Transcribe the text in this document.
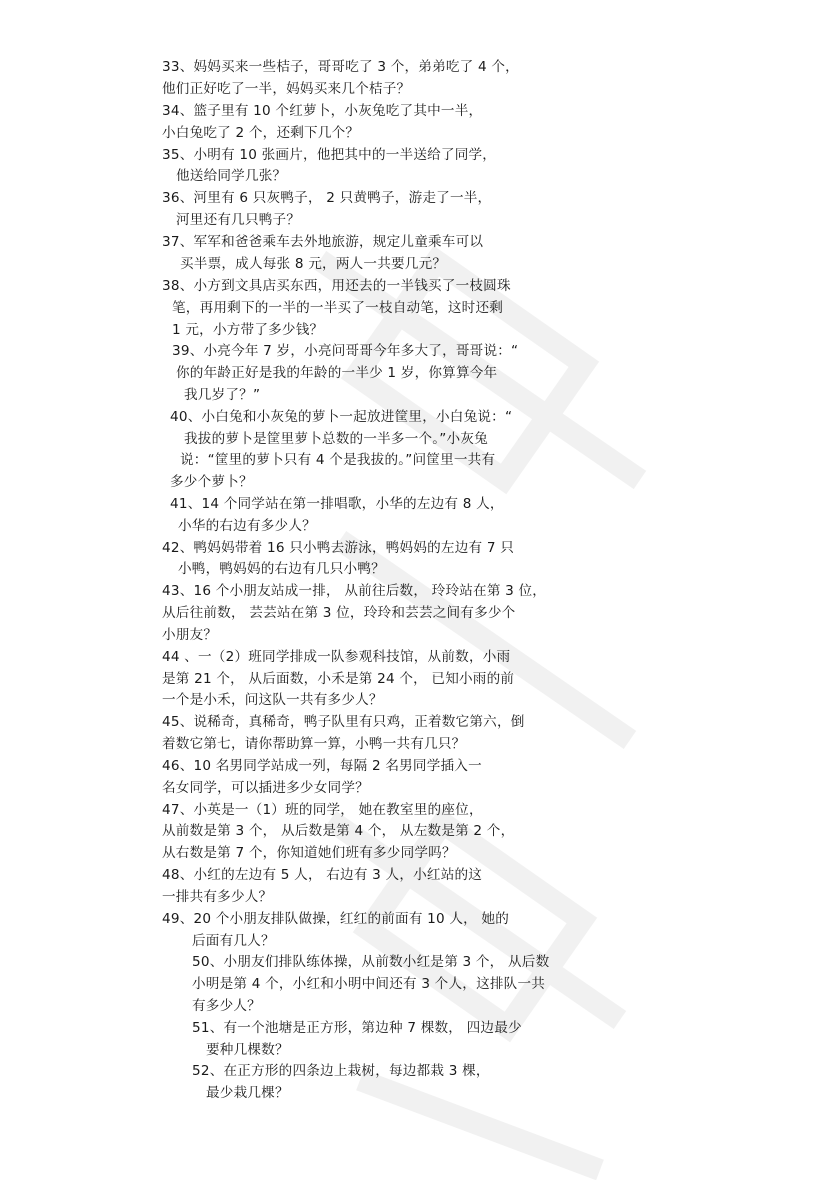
33、妈妈买来一些桔子，哥哥吃了 3 个，弟弟吃了 4 个，
他们正好吃了一半，妈妈买来几个桔子？
34、篮子里有 10 个红萝卜，小灰兔吃了其中一半，
小白兔吃了 2 个，还剩下几个？
35、小明有 10 张画片，他把其中的一半送给了同学，
他送给同学几张？
36、河里有 6 只灰鸭子， 2 只黄鸭子，游走了一半，
河里还有几只鸭子？
37、军军和爸爸乘车去外地旅游，规定儿童乘车可以
买半票，成人每张 8 元，两人一共要几元？
38、小方到文具店买东西，用还去的一半钱买了一枝圆珠
笔，再用剩下的一半的一半买了一枝自动笔，这时还剩
1 元，小方带了多少钱？
39、小亮今年 7 岁，小亮问哥哥今年多大了，哥哥说：“
你的年龄正好是我的年龄的一半少 1 岁，你算算今年
我几岁了？”
40、小白兔和小灰兔的萝卜一起放进筐里，小白兔说：“
我拔的萝卜是筐里萝卜总数的一半多一个。”小灰兔
说：“筐里的萝卜只有 4 个是我拔的。”问筐里一共有
多少个萝卜？
41、14 个同学站在第一排唱歌，小华的左边有 8 人，
小华的右边有多少人？
42、鸭妈妈带着 16 只小鸭去游泳，鸭妈妈的左边有 7 只
小鸭，鸭妈妈的右边有几只小鸭？
43、16 个小朋友站成一排， 从前往后数， 玲玲站在第 3 位，
从后往前数， 芸芸站在第 3 位，玲玲和芸芸之间有多少个
小朋友？
44 、一（2）班同学排成一队参观科技馆，从前数，小雨
是第 21 个， 从后面数，小禾是第 24 个， 已知小雨的前
一个是小禾，问这队一共有多少人？
45、说稀奇，真稀奇，鸭子队里有只鸡，正着数它第六，倒
着数它第七，请你帮助算一算，小鸭一共有几只？
46、10 名男同学站成一列，每隔 2 名男同学插入一
名女同学，可以插进多少女同学？
47、小英是一（1）班的同学， 她在教室里的座位，
从前数是第 3 个， 从后数是第 4 个， 从左数是第 2 个，
从右数是第 7 个，你知道她们班有多少同学吗？
48、小红的左边有 5 人， 右边有 3 人，小红站的这
一排共有多少人？
49、20 个小朋友排队做操，红红的前面有 10 人， 她的
后面有几人？
50、小朋友们排队练体操，从前数小红是第 3 个， 从后数
小明是第 4 个，小红和小明中间还有 3 个人，这排队一共
有多少人？
51、有一个池塘是正方形，第边种 7 棵数， 四边最少
要种几棵数？
52、在正方形的四条边上栽树，每边都栽 3 棵，
最少栽几棵？
